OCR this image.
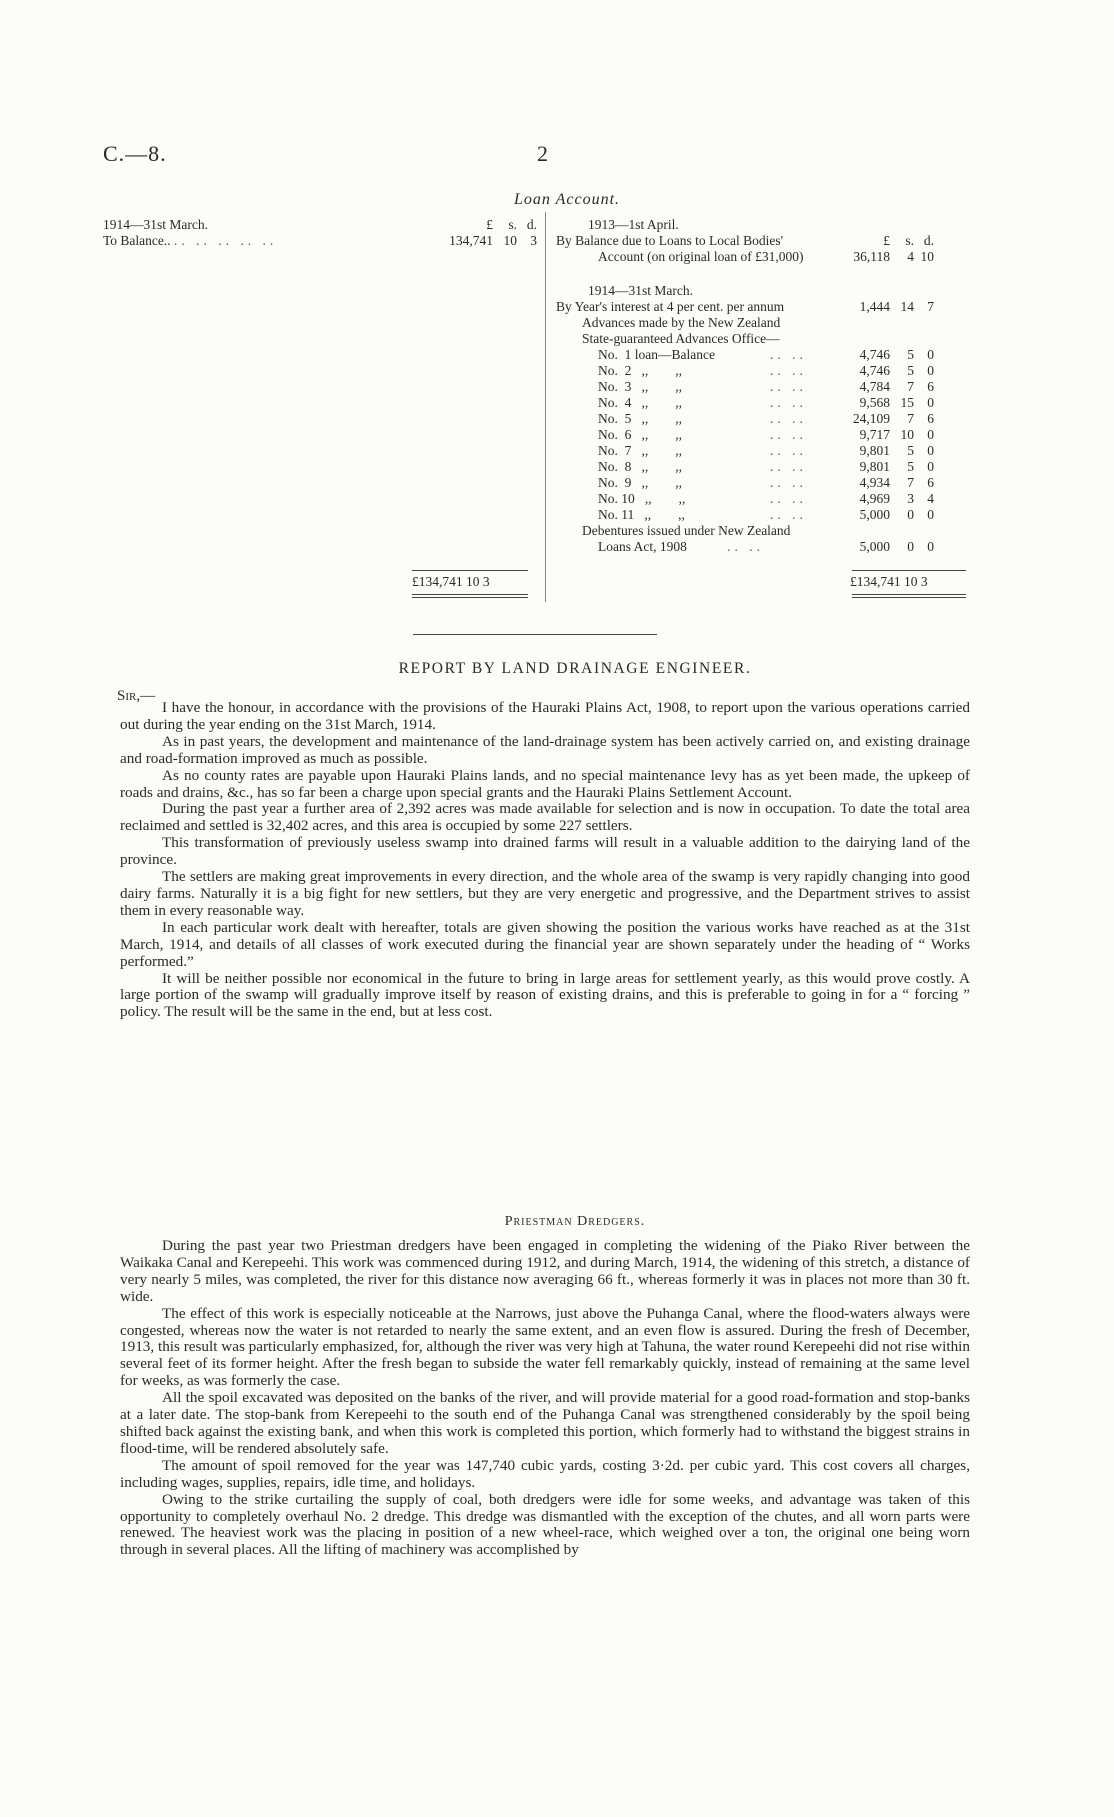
C.—8.	2
Loan Account.
1914—31st March.	£	s. d.
To Balance.. .. .. .. .. ..	134,741 10 3
£134,741 10 3
1913—1st April.
By Balance due to Loans to Local Bodies'	£	s. d.
Account (on original loan of £31,000)	36,118	4 10
1914—31st March.
By Year's interest at 4 per cent. per annum	1,444 14 7
Advances made by the New Zealand
State-guaranteed Advances Office—
No.  1 loan—Balance	.. ..	4,746	5 0
No.  2   ,,        ,,	.. ..	4,746	5 0
No.  3   ,,        ,,	.. ..	4,784	7 6
No.  4   ,,        ,,	.. ..	9,568 15 0
No.  5   ,,        ,,	.. ..	24,109	7 6
No.  6   ,,        ,,	.. ..	9,717 10 0
No.  7   ,,        ,,	.. ..	9,801	5 0
No.  8   ,,        ,,	.. ..	9,801	5 0
No.  9   ,,        ,,	.. ..	4,934	7 6
No. 10   ,,        ,,	.. ..	4,969	3 4
No. 11   ,,        ,,	.. ..	5,000	0 0
Debentures issued under New Zealand
Loans Act, 1908      .. ..	5,000	0 0
£134,741 10 3
REPORT BY LAND DRAINAGE ENGINEER.
Sir,—

I have the honour, in accordance with the provisions of the Hauraki Plains Act, 1908, to report upon the various operations carried out during the year ending on the 31st March, 1914.

As in past years, the development and maintenance of the land-drainage system has been actively carried on, and existing drainage and road-formation improved as much as possible.

As no county rates are payable upon Hauraki Plains lands, and no special maintenance levy has as yet been made, the upkeep of roads and drains, &c., has so far been a charge upon special grants and the Hauraki Plains Settlement Account.

During the past year a further area of 2,392 acres was made available for selection and is now in occupation. To date the total area reclaimed and settled is 32,402 acres, and this area is occupied by some 227 settlers.

This transformation of previously useless swamp into drained farms will result in a valuable addition to the dairying land of the province.

The settlers are making great improvements in every direction, and the whole area of the swamp is very rapidly changing into good dairy farms. Naturally it is a big fight for new settlers, but they are very energetic and progressive, and the Department strives to assist them in every reasonable way.

In each particular work dealt with hereafter, totals are given showing the position the various works have reached as at the 31st March, 1914, and details of all classes of work executed during the financial year are shown separately under the heading of “ Works performed.”

It will be neither possible nor economical in the future to bring in large areas for settlement yearly, as this would prove costly. A large portion of the swamp will gradually improve itself by reason of existing drains, and this is preferable to going in for a “ forcing ” policy. The result will be the same in the end, but at less cost.

Priestman Dredgers.

During the past year two Priestman dredgers have been engaged in completing the widening of the Piako River between the Waikaka Canal and Kerepeehi. This work was commenced during 1912, and during March, 1914, the widening of this stretch, a distance of very nearly 5 miles, was completed, the river for this distance now averaging 66 ft., whereas formerly it was in places not more than 30 ft. wide.

The effect of this work is especially noticeable at the Narrows, just above the Puhanga Canal, where the flood-waters always were congested, whereas now the water is not retarded to nearly the same extent, and an even flow is assured. During the fresh of December, 1913, this result was particularly emphasized, for, although the river was very high at Tahuna, the water round Kerepeehi did not rise within several feet of its former height. After the fresh began to subside the water fell remarkably quickly, instead of remaining at the same level for weeks, as was formerly the case.

All the spoil excavated was deposited on the banks of the river, and will provide material for a good road-formation and stop-banks at a later date. The stop-bank from Kerepeehi to the south end of the Puhanga Canal was strengthened considerably by the spoil being shifted back against the existing bank, and when this work is completed this portion, which formerly had to withstand the biggest strains in flood-time, will be rendered absolutely safe.

The amount of spoil removed for the year was 147,740 cubic yards, costing 3·2d. per cubic yard. This cost covers all charges, including wages, supplies, repairs, idle time, and holidays.

Owing to the strike curtailing the supply of coal, both dredgers were idle for some weeks, and advantage was taken of this opportunity to completely overhaul No. 2 dredge. This dredge was dismantled with the exception of the chutes, and all worn parts were renewed. The heaviest work was the placing in position of a new wheel-race, which weighed over a ton, the original one being worn through in several places. All the lifting of machinery was accomplished by
